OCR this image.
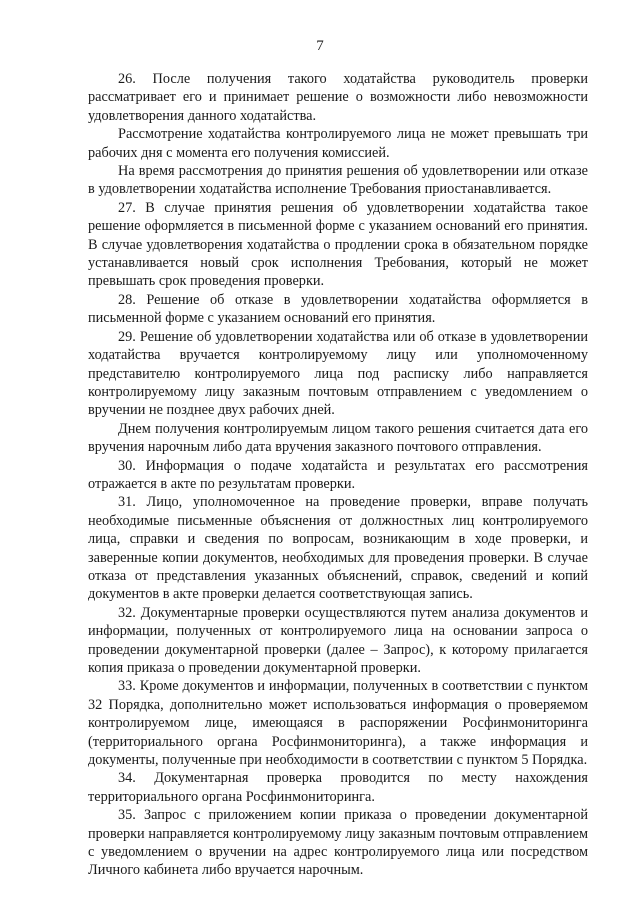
7

26. После получения такого ходатайства руководитель проверки рассматривает его и принимает решение о возможности либо невозможности удовлетворения данного ходатайства.

Рассмотрение ходатайства контролируемого лица не может превышать три рабочих дня с момента его получения комиссией.

На время рассмотрения до принятия решения об удовлетворении или отказе в удовлетворении ходатайства исполнение Требования приостанавливается.

27. В случае принятия решения об удовлетворении ходатайства такое решение оформляется в письменной форме с указанием оснований его принятия. В случае удовлетворения ходатайства о продлении срока в обязательном порядке устанавливается новый срок исполнения Требования, который не может превышать срок проведения проверки.

28. Решение об отказе в удовлетворении ходатайства оформляется в письменной форме с указанием оснований его принятия.

29. Решение об удовлетворении ходатайства или об отказе в удовлетворении ходатайства вручается контролируемому лицу или уполномоченному представителю контролируемого лица под расписку либо направляется контролируемому лицу заказным почтовым отправлением с уведомлением о вручении не позднее двух рабочих дней.

Днем получения контролируемым лицом такого решения считается дата его вручения нарочным либо дата вручения заказного почтового отправления.

30. Информация о подаче ходатайста и результатах его рассмотрения отражается в акте по результатам проверки.

31. Лицо, уполномоченное на проведение проверки, вправе получать необходимые письменные объяснения от должностных лиц контролируемого лица, справки и сведения по вопросам, возникающим в ходе проверки, и заверенные копии документов, необходимых для проведения проверки. В случае отказа от представления указанных объяснений, справок, сведений и копий документов в акте проверки делается соответствующая запись.

32. Документарные проверки осуществляются путем анализа документов и информации, полученных от контролируемого лица на основании запроса о проведении документарной проверки (далее – Запрос), к которому прилагается копия приказа о проведении документарной проверки.

33. Кроме документов и информации, полученных в соответствии с пунктом 32 Порядка, дополнительно может использоваться информация о проверяемом контролируемом лице, имеющаяся в распоряжении Росфинмониторинга (территориального органа Росфинмониторинга), а также информация и документы, полученные при необходимости в соответствии с пунктом 5 Порядка.

34. Документарная проверка проводится по месту нахождения территориального органа Росфинмониторинга.

35. Запрос с приложением копии приказа о проведении документарной проверки направляется контролируемому лицу заказным почтовым отправлением с уведомлением о вручении на адрес контролируемого лица или посредством Личного кабинета либо вручается нарочным.
